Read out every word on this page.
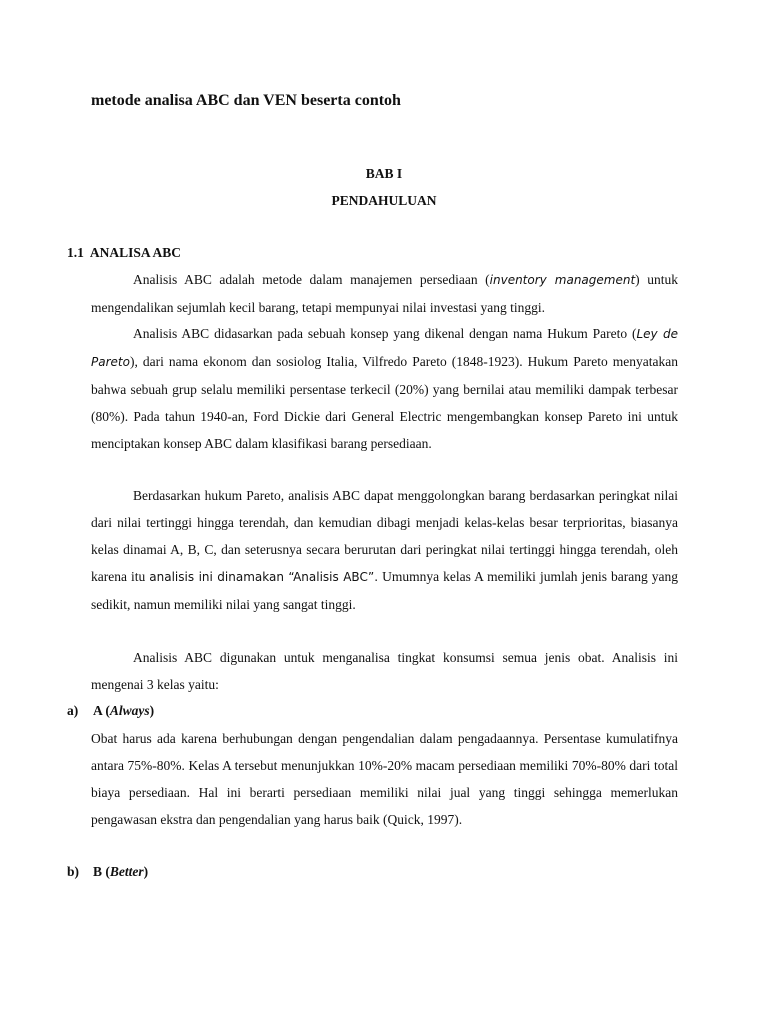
metode analisa ABC dan VEN beserta contoh
BAB I
PENDAHULUAN
1.1 ANALISA ABC

Analisis ABC adalah metode dalam manajemen persediaan (inventory management) untuk mengendalikan sejumlah kecil barang, tetapi mempunyai nilai investasi yang tinggi.

Analisis ABC didasarkan pada sebuah konsep yang dikenal dengan nama Hukum Pareto (Ley de Pareto), dari nama ekonom dan sosiolog Italia, Vilfredo Pareto (1848-1923). Hukum Pareto menyatakan bahwa sebuah grup selalu memiliki persentase terkecil (20%) yang bernilai atau memiliki dampak terbesar (80%). Pada tahun 1940-an, Ford Dickie dari General Electric mengembangkan konsep Pareto ini untuk menciptakan konsep ABC dalam klasifikasi barang persediaan.

Berdasarkan hukum Pareto, analisis ABC dapat menggolongkan barang berdasarkan peringkat nilai dari nilai tertinggi hingga terendah, dan kemudian dibagi menjadi kelas-kelas besar terprioritas, biasanya kelas dinamai A, B, C, dan seterusnya secara berurutan dari peringkat nilai tertinggi hingga terendah, oleh karena itu analisis ini dinamakan “Analisis ABC”. Umumnya kelas A memiliki jumlah jenis barang yang sedikit, namun memiliki nilai yang sangat tinggi.

Analisis ABC digunakan untuk menganalisa tingkat konsumsi semua jenis obat. Analisis ini mengenai 3 kelas yaitu:

a) A (Always)

Obat harus ada karena berhubungan dengan pengendalian dalam pengadaannya. Persentase kumulatifnya antara 75%-80%. Kelas A tersebut menunjukkan 10%-20% macam persediaan memiliki 70%-80% dari total biaya persediaan. Hal ini berarti persediaan memiliki nilai jual yang tinggi sehingga memerlukan pengawasan ekstra dan pengendalian yang harus baik (Quick, 1997).

b) B (Better)
